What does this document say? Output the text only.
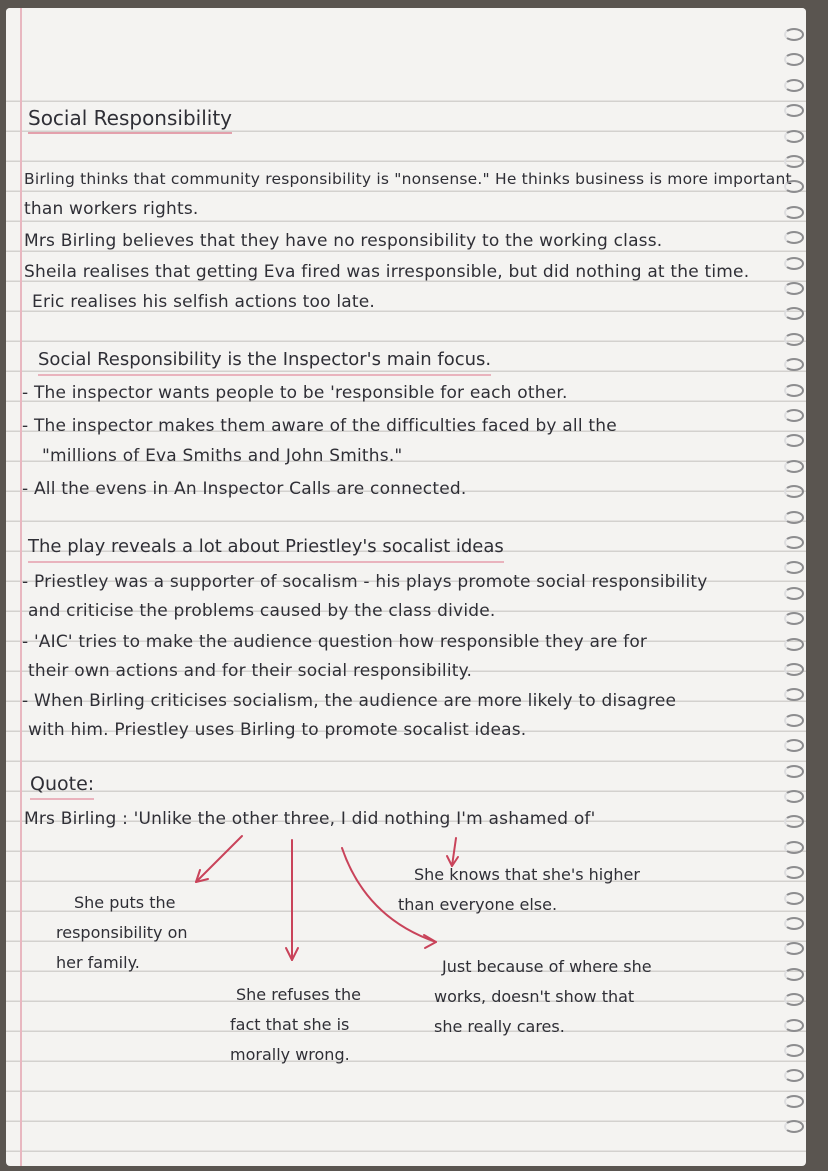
Social Responsibility
Birling thinks that community responsibility is "nonsense." He thinks business is more important
than workers rights.
Mrs Birling believes that they have no responsibility to the working class.
Sheila realises that getting Eva fired was irresponsible, but did nothing at the time.
Eric realises his selfish actions too late.
Social Responsibility is the Inspector's main focus.
- The inspector wants people to be 'responsible for each other.
- The inspector makes them aware of the difficulties faced by all the
"millions of Eva Smiths and John Smiths."
- All the evens in An Inspector Calls are connected.
The play reveals a lot about Priestley's socalist ideas
- Priestley was a supporter of socalism - his plays promote social responsibility
and criticise the problems caused by the class divide.
- 'AIC' tries to make the audience question how responsible they are for
their own actions and for their social responsibility.
- When Birling criticises socialism, the audience are more likely to disagree
with him. Priestley uses Birling to promote socalist ideas.
Quote:
Mrs Birling : 'Unlike the other three, I did nothing I'm ashamed of'
She puts the
responsibility on
her family.
She knows that she's higher
than everyone else.
Just because of where she
works, doesn't show that
she really cares.
She refuses the
fact that she is
morally wrong.
